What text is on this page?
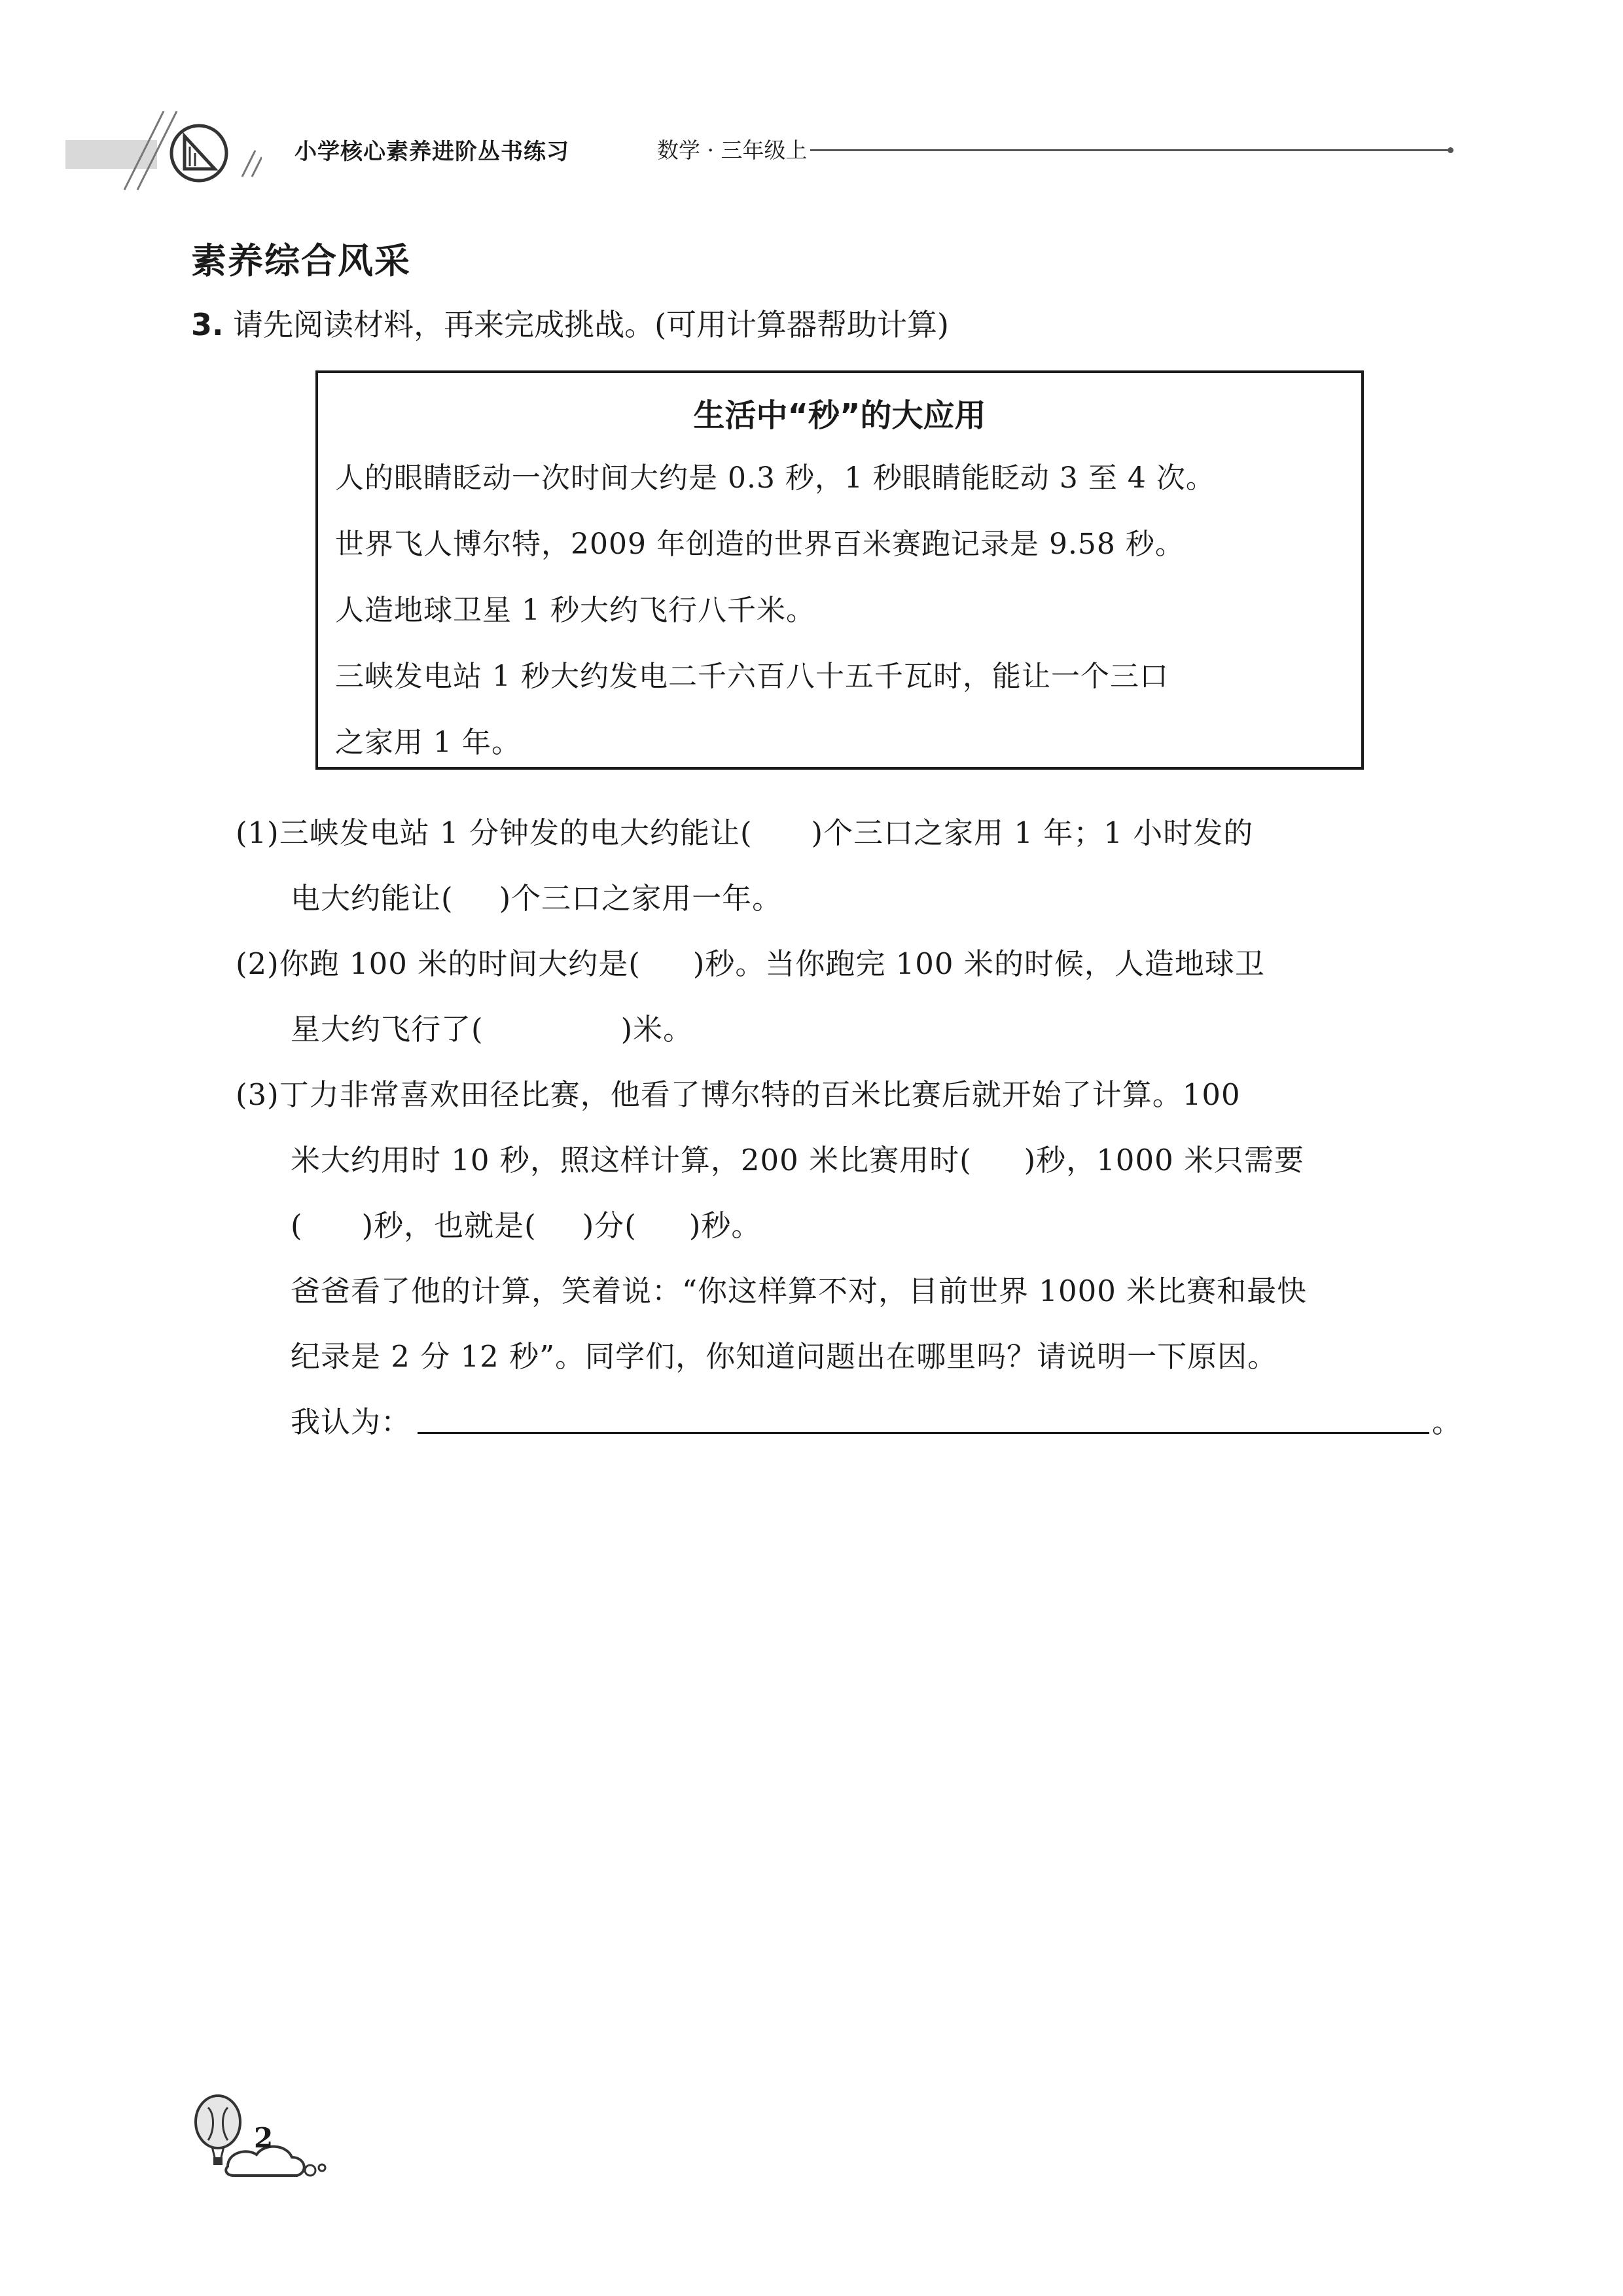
小学核心素养进阶丛书练习	数学 · 三年级上
素养综合风采
3. 请先阅读材料，再来完成挑战。(可用计算器帮助计算)
生活中“秒”的大应用
人的眼睛眨动一次时间大约是 0.3 秒，1 秒眼睛能眨动 3 至 4 次。
世界飞人博尔特，2009 年创造的世界百米赛跑记录是 9.58 秒。
人造地球卫星 1 秒大约飞行八千米。
三峡发电站 1 秒大约发电二千六百八十五千瓦时，能让一个三口
之家用 1 年。
(1)三峡发电站 1 分钟发的电大约能让( )个三口之家用 1 年；1 小时发的
电大约能让( )个三口之家用一年。
(2)你跑 100 米的时间大约是( )秒。当你跑完 100 米的时候，人造地球卫
星大约飞行了(	)米。
(3)丁力非常喜欢田径比赛，他看了博尔特的百米比赛后就开始了计算。100
米大约用时 10 秒，照这样计算，200 米比赛用时( )秒，1000 米只需要
( )秒，也就是( )分( )秒。
爸爸看了他的计算，笑着说：“你这样算不对，目前世界 1000 米比赛和最快
纪录是 2 分 12 秒”。同学们，你知道问题出在哪里吗？请说明一下原因。
我认为：	。
2
